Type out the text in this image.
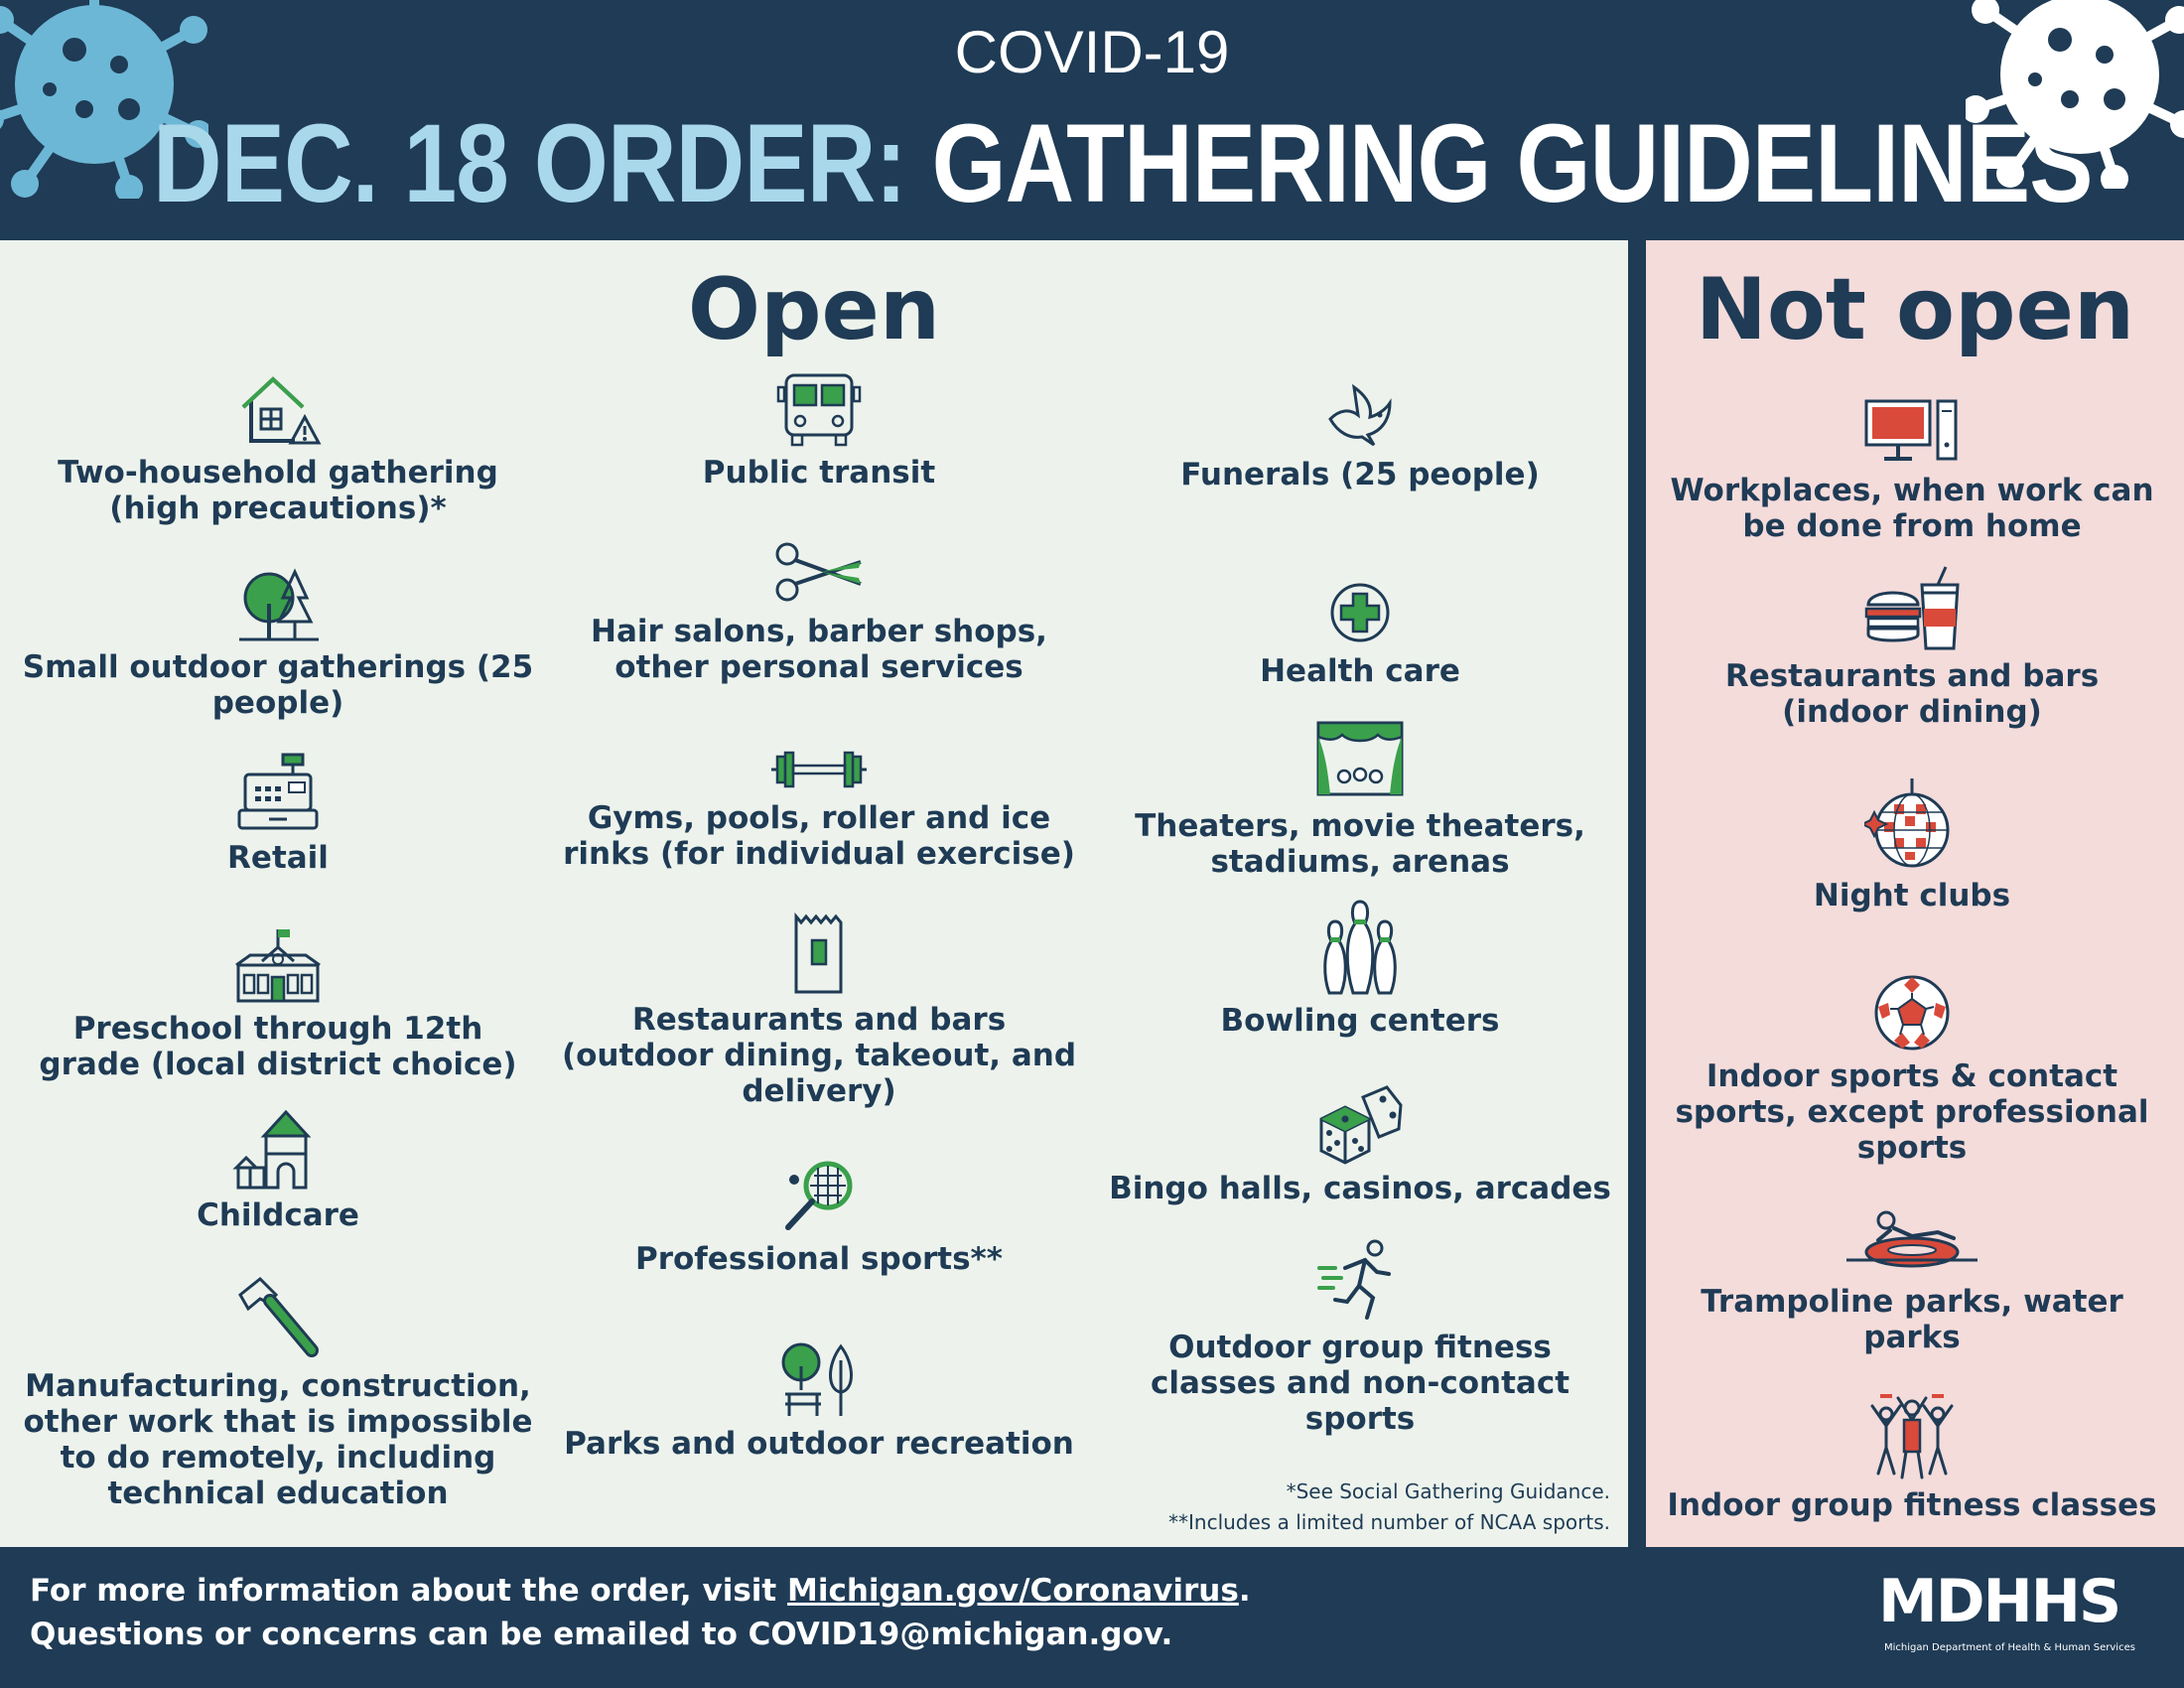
COVID-19
DEC. 18 ORDER: GATHERING GUIDELINES
Open
Two-household gathering (high precautions)*
Small outdoor gatherings (25 people)
Retail
Preschool through 12th grade (local district choice)
Childcare
Manufacturing, construction, other work that is impossible to do remotely, including technical education
Public transit
Hair salons, barber shops, other personal services
Gyms, pools, roller and ice rinks (for individual exercise)
Restaurants and bars (outdoor dining, takeout, and delivery)
Professional sports**
Parks and outdoor recreation
Funerals (25 people)
Health care
Theaters, movie theaters, stadiums, arenas
Bowling centers
Bingo halls, casinos, arcades
Outdoor group fitness classes and non-contact sports
*See Social Gathering Guidance.
**Includes a limited number of NCAA sports.
Not open
Workplaces, when work can be done from home
Restaurants and bars (indoor dining)
Night clubs
Indoor sports & contact sports, except professional sports
Trampoline parks, water parks
Indoor group fitness classes
For more information about the order, visit Michigan.gov/Coronavirus.
Questions or concerns can be emailed to COVID19@michigan.gov.	MDHHS
Michigan Department of Health & Human Services
